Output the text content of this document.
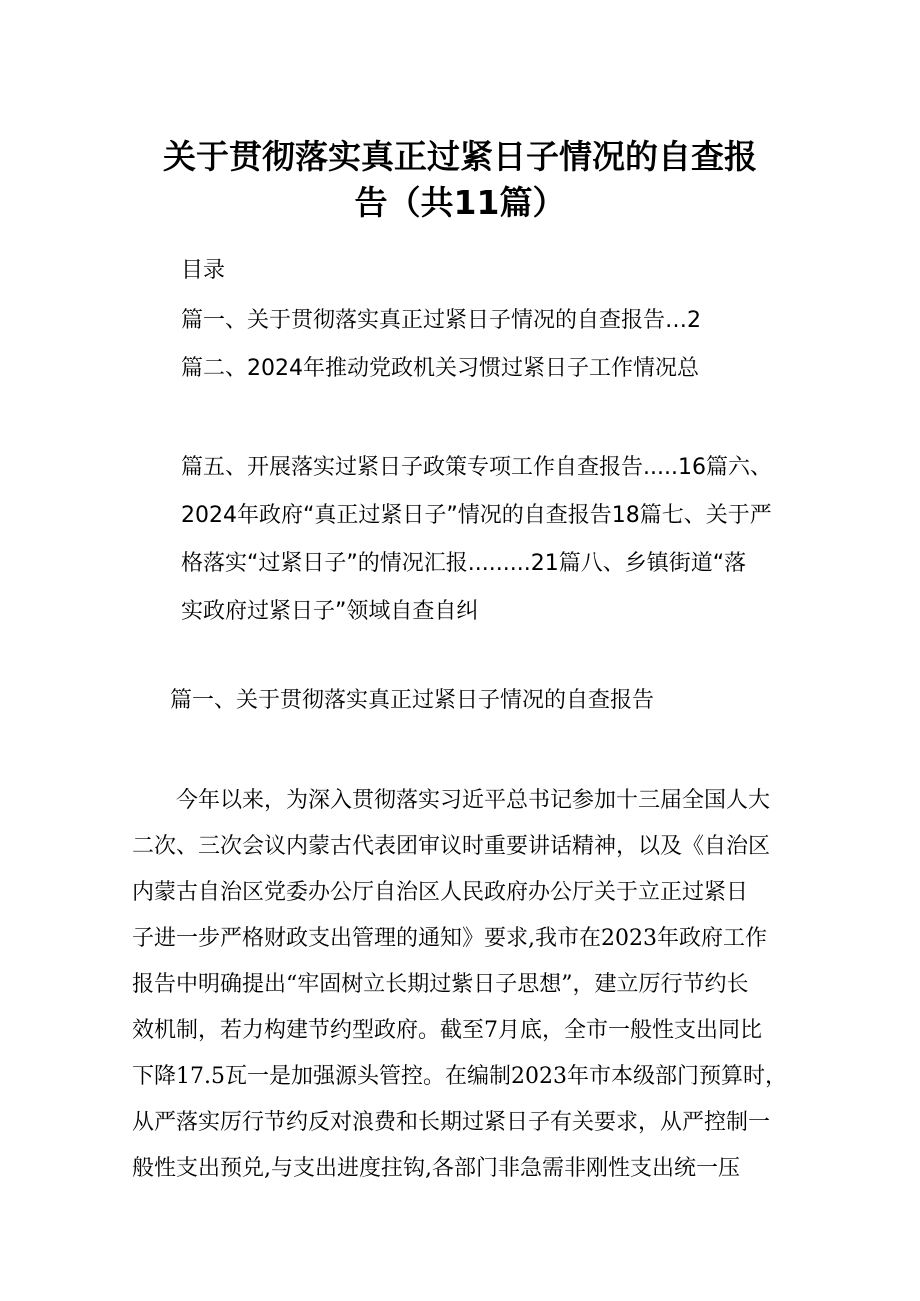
关于贯彻落实真正过紧日子情况的自查报
告（共11篇）
目录
篇一、关于贯彻落实真正过紧日子情况的自查报告…2
篇二、2024年推动党政机关习惯过紧日子工作情况总
篇五、开展落实过紧日子政策专项工作自查报告.....16篇六、
2024年政府“真正过紧日子”情况的自查报告18篇七、关于严
格落实“过紧日子”的情况汇报.........21篇八、乡镇街道“落
实政府过紧日子”领域自查自纠
篇一、关于贯彻落实真正过紧日子情况的自查报告
今年以来，为深入贯彻落实习近平总书记参加十三届全国人大
二次、三次会议内蒙古代表团审议时重要讲话精神，以及《自治区
内蒙古自治区党委办公厅自治区人民政府办公厅关于立正过紧日
子进一步严格财政支出管理的通知》要求,我市在2023年政府工作
报告中明确提出“牢固树立长期过紫日子思想”，建立厉行节约长
效机制，若力构建节约型政府。截至7月底，全市一般性支出同比
下降17.5瓦一是加强源头管控。在编制2023年市本级部门预算时，
从严落实厉行节约反对浪费和长期过紧日子有关要求，从严控制一
般性支出预兑,与支出进度拄钩,各部门非急需非刚性支出统一压
